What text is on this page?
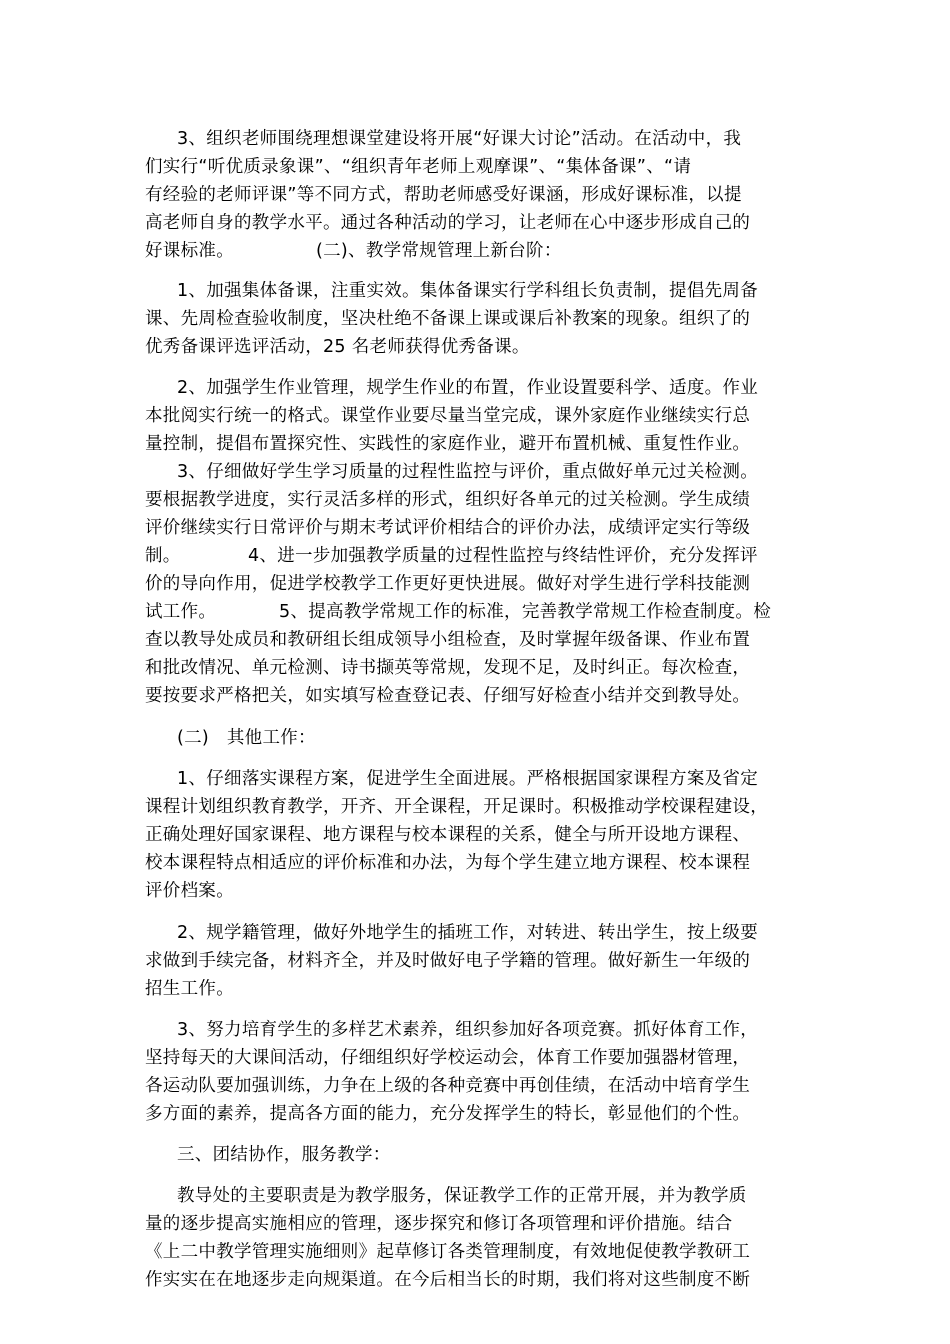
3、组织老师围绕理想课堂建设将开展“好课大讨论”活动。在活动中，我

们实行“听优质录象课”、“组织青年老师上观摩课”、“集体备课”、“请

有经验的老师评课”等不同方式，帮助老师感受好课涵，形成好课标准，以提

高老师自身的教学水平。通过各种活动的学习，让老师在心中逐步形成自己的

好课标准。	(二)、教学常规管理上新台阶：

1、加强集体备课，注重实效。集体备课实行学科组长负责制，提倡先周备

课、先周检查验收制度，坚决杜绝不备课上课或课后补教案的现象。组织了的

优秀备课评选评活动，25 名老师获得优秀备课。

2、加强学生作业管理，规学生作业的布置，作业设置要科学、适度。作业

本批阅实行统一的格式。课堂作业要尽量当堂完成，课外家庭作业继续实行总

量控制，提倡布置探究性、实践性的家庭作业，避开布置机械、重复性作业。

3、仔细做好学生学习质量的过程性监控与评价，重点做好单元过关检测。

要根据教学进度，实行灵活多样的形式，组织好各单元的过关检测。学生成绩

评价继续实行日常评价与期末考试评价相结合的评价办法，成绩评定实行等级

制。	4、进一步加强教学质量的过程性监控与终结性评价，充分发挥评

价的导向作用，促进学校教学工作更好更快进展。做好对学生进行学科技能测

试工作。	5、提高教学常规工作的标准，完善教学常规工作检查制度。检

查以教导处成员和教研组长组成领导小组检查，及时掌握年级备课、作业布置

和批改情况、单元检测、诗书撷英等常规，发现不足，及时纠正。每次检查，

要按要求严格把关，如实填写检查登记表、仔细写好检查小结并交到教导处。

(二)　其他工作：

1、仔细落实课程方案，促进学生全面进展。严格根据国家课程方案及省定

课程计划组织教育教学，开齐、开全课程，开足课时。积极推动学校课程建设，

正确处理好国家课程、地方课程与校本课程的关系，健全与所开设地方课程、

校本课程特点相适应的评价标准和办法，为每个学生建立地方课程、校本课程

评价档案。

2、规学籍管理，做好外地学生的插班工作，对转进、转出学生，按上级要

求做到手续完备，材料齐全，并及时做好电子学籍的管理。做好新生一年级的

招生工作。

3、努力培育学生的多样艺术素养，组织参加好各项竞赛。抓好体育工作，

坚持每天的大课间活动，仔细组织好学校运动会，体育工作要加强器材管理，

各运动队要加强训练，力争在上级的各种竞赛中再创佳绩，在活动中培育学生

多方面的素养，提高各方面的能力，充分发挥学生的特长，彰显他们的个性。

三、团结协作，服务教学：

教导处的主要职责是为教学服务，保证教学工作的正常开展，并为教学质

量的逐步提高实施相应的管理，逐步探究和修订各项管理和评价措施。结合

《上二中教学管理实施细则》起草修订各类管理制度，有效地促使教学教研工

作实实在在地逐步走向规渠道。在今后相当长的时期，我们将对这些制度不断
